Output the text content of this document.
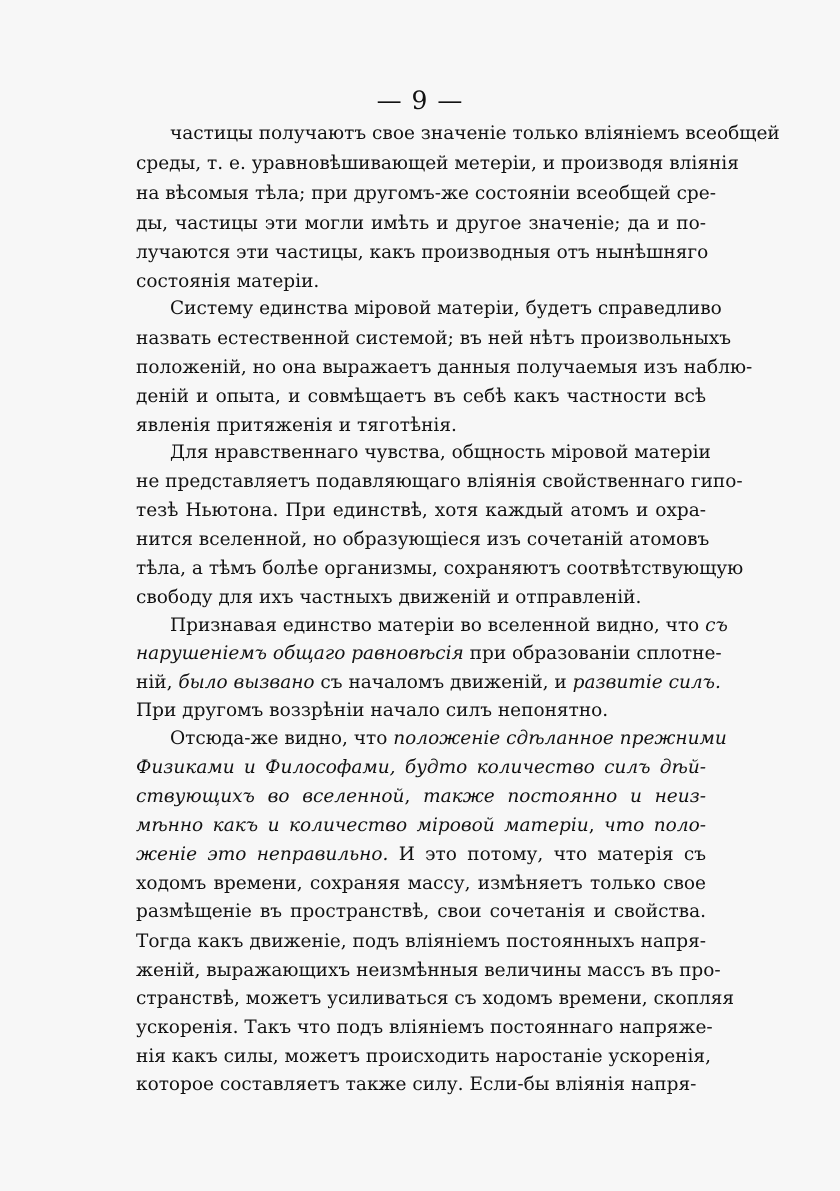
— 9 —
частицы получаютъ свое значеніе только вліяніемъ всеобщей
среды, т. е. уравновѣшивающей метеріи, и производя вліянія
на вѣсомыя тѣла; при другомъ-же состояніи всеобщей сре-
ды, частицы эти могли имѣть и другое значеніе; да и по-
лучаются эти частицы, какъ производныя отъ нынѣшняго
состоянія матеріи.
Систему единства міровой матеріи, будетъ справедливо
назвать естественной системой; въ ней нѣтъ произвольныхъ
положеній, но она выражаетъ данныя получаемыя изъ наблю-
деній и опыта, и совмѣщаетъ въ себѣ какъ частности всѣ
явленія притяженія и тяготѣнія.
Для нравственнаго чувства, общность міровой матеріи
не представляетъ подавляющаго вліянія свойственнаго гипо-
тезѣ Ньютона. При единствѣ, хотя каждый атомъ и охра-
нится вселенной, но образующіеся изъ сочетаній атомовъ
тѣла, а тѣмъ болѣе организмы, сохраняютъ соотвѣтствующую
свободу для ихъ частныхъ движеній и отправленій.
Признавая единство матеріи во вселенной видно, что съ
нарушеніемъ общаго равновѣсія при образованіи сплотне-
ній, было вызвано съ началомъ движеній, и развитіе силъ.
При другомъ воззрѣніи начало силъ непонятно.
Отсюда-же видно, что положеніе сдѣланное прежними
Физиками и Философами, будто количество силъ дѣй-
ствующихъ во вселенной, также постоянно и неиз-
мѣнно какъ и количество міровой матеріи, что поло-
женіе это неправильно. И это потому, что матерія съ
ходомъ времени, сохраняя массу, измѣняетъ только свое
размѣщеніе въ пространствѣ, свои сочетанія и свойства.
Тогда какъ движеніе, подъ вліяніемъ постоянныхъ напря-
женій, выражающихъ неизмѣнныя величины массъ въ про-
странствѣ, можетъ усиливаться съ ходомъ времени, скопляя
ускоренія. Такъ что подъ вліяніемъ постояннаго напряже-
нія какъ силы, можетъ происходить наростаніе ускоренія,
которое составляетъ также силу. Если-бы вліянія напря-
